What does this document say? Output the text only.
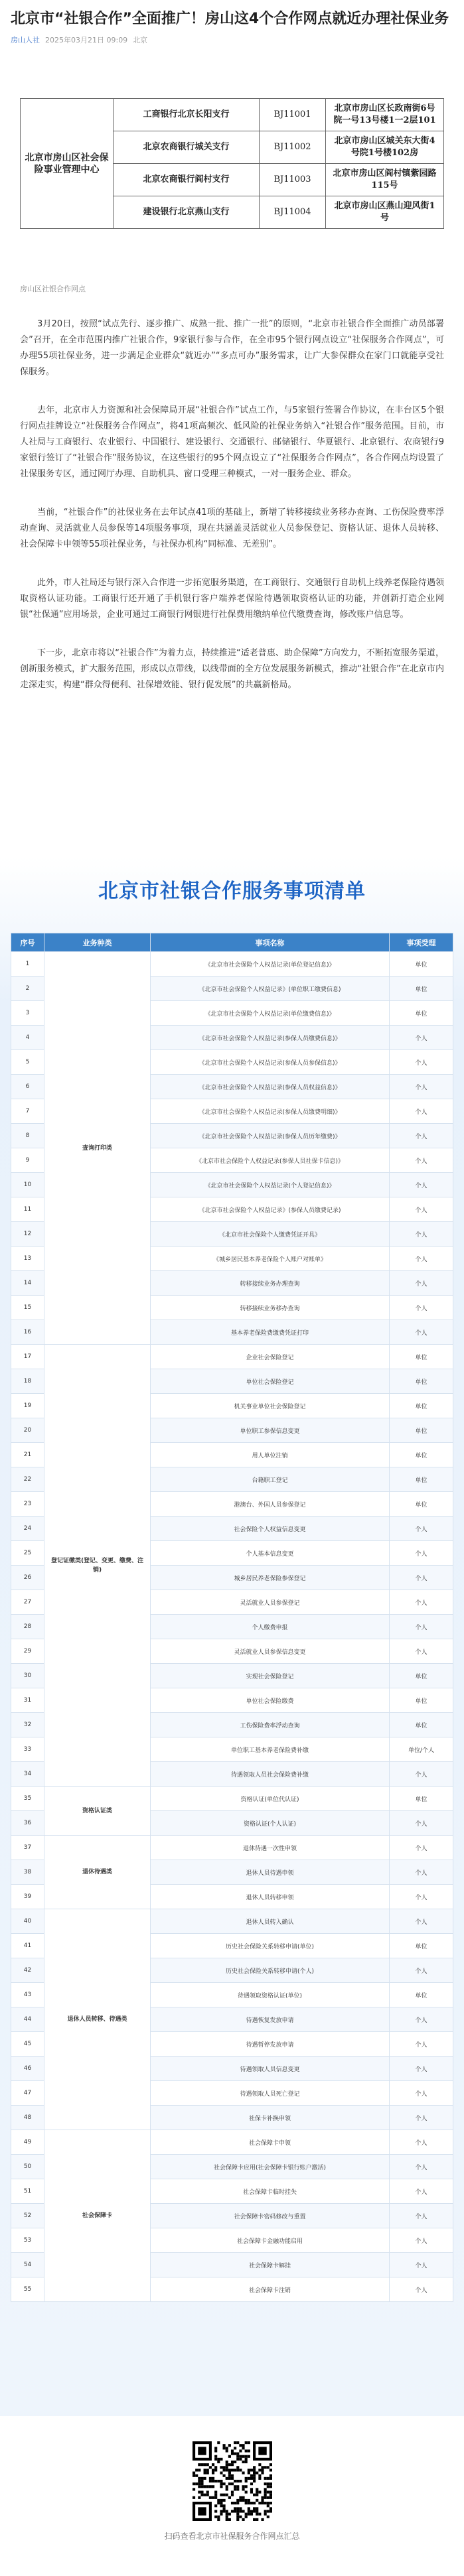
北京市“社银合作”全面推广！房山这4个合作网点就近办理社保业务
房山人社 2025年03月21日 09:09 北京
北京市房山区社会保险事业管理中心	工商银行北京长阳支行	BJ11001	北京市房山区长政南街6号院一号13号楼1一2层101
	北京农商银行城关支行	BJ11002	北京市房山区城关东大街4号院1号楼102房
	北京农商银行阎村支行	BJ11003	北京市房山区阎村镇紫园路115号
	建设银行北京燕山支行	BJ11004	北京市房山区燕山迎风街1号
房山区社银合作网点

3月20日，按照“试点先行、逐步推广、成熟一批、推广一批”的原则，“北京市社银合作全面推广动员部署会”召开，在全市范围内推广社银合作，9家银行参与合作，在全市95个银行网点设立“社保服务合作网点”，可办理55项社保业务，进一步满足企业群众“就近办”“多点可办”服务需求，让广大参保群众在家门口就能享受社保服务。

去年，北京市人力资源和社会保障局开展“社银合作”试点工作，与5家银行签署合作协议，在丰台区5个银行网点挂牌设立“社保服务合作网点”，将41项高频次、低风险的社保业务纳入“社银合作”服务范围。目前，市人社局与工商银行、农业银行、中国银行、建设银行、交通银行、邮储银行、华夏银行、北京银行、农商银行9家银行签订了“社银合作”服务协议，在这些银行的95个网点设立了“社保服务合作网点”，各合作网点均设置了社保服务专区，通过网厅办理、自助机具、窗口受理三种模式，一对一服务企业、群众。

当前，“社银合作”的社保业务在去年试点41项的基础上，新增了转移接续业务移办查询、工伤保险费率浮动查询、灵活就业人员参保等14项服务事项，现在共涵盖灵活就业人员参保登记、资格认证、退休人员转移、社会保障卡申领等55项社保业务，与社保办机构“同标准、无差别”。

此外，市人社局还与银行深入合作进一步拓宽服务渠道，在工商银行、交通银行自助机上线养老保险待遇领取资格认证功能。工商银行还开通了手机银行客户端养老保险待遇领取资格认证的功能，并创新打造企业网银“社保通”应用场景，企业可通过工商银行网银进行社保费用缴纳单位代缴费查询，修改账户信息等。

下一步，北京市将以“社银合作”为着力点，持续推进“适老普惠、助企保障”方向发力，不断拓宽服务渠道，创新服务模式，扩大服务范围，形成以点带线，以线带面的全方位发展服务新模式，推动“社银合作”在北京市内走深走实，构建“群众得便利、社保增效能、银行促发展”的共赢新格局。

北京市社银合作服务事项清单
序号	业务种类	事项名称	事项受理
1	查询打印类	《北京市社会保险个人权益记录(单位登记信息)》	单位
2		《北京市社会保险个人权益记录》(单位职工缴费信息)	单位
3		《北京市社会保险个人权益记录(单位缴费信息)》	单位
4		《北京市社会保险个人权益记录(参保人员缴费信息)》	个人
5		《北京市社会保险个人权益记录(参保人员参保信息)》	个人
6		《北京市社会保险个人权益记录(参保人员权益信息)》	个人
7		《北京市社会保险个人权益记录(参保人员缴费明细)》	个人
8		《北京市社会保险个人权益记录(参保人员历年缴费)》	个人
9		《北京市社会保险个人权益记录(参保人员社保卡信息)》	个人
10		《北京市社会保险个人权益记录(个人登记信息)》	个人
11		《北京市社会保险个人权益记录》(参保人员缴费记录)	个人
12		《北京市社会保险个人缴费凭证开具》	个人
13		《城乡居民基本养老保险个人账户对账单》	个人
14		转移接续业务办理查询	个人
15		转移接续业务移办查询	个人
16		基本养老保险费缴费凭证打印	个人
17	登记证缴类(登记、变更、缴费、注销)	企业社会保险登记	单位
18		单位社会保险登记	单位
19		机关事业单位社会保险登记	单位
20		单位职工参保信息变更	单位
21		用人单位注销	单位
22		台籍职工登记	单位
23		港澳台、外国人员参保登记	单位
24		社会保险个人权益信息变更	个人
25		个人基本信息变更	个人
26		城乡居民养老保险参保登记	个人
27		灵活就业人员参保登记	个人
28		个人缴费申报	个人
29		灵活就业人员参保信息变更	个人
30		实现社会保险登记	单位
31		单位社会保险缴费	单位
32		工伤保险费率浮动查询	单位
33		单位职工基本养老保险费补缴	单位/个人
34		待遇领取人员社会保险费补缴	个人
35	资格认证类	资格认证(单位代认证)	单位
36		资格认证(个人认证)	个人
37	退休待遇类	退休待遇一次性申领	个人
38		退休人员待遇申领	个人
39		退休人员转移申领	个人
40	退休人员转移、待遇类	退休人员转入确认	个人
41		历史社会保险关系转移申请(单位)	单位
42		历史社会保险关系转移申请(个人)	个人
43		待遇领取资格认证(单位)	单位
44		待遇恢复发放申请	个人
45		待遇暂停发放申请	个人
46		待遇领取人员信息变更	个人
47		待遇领取人员死亡登记	个人
48		社保卡补换申领	个人
49	社会保障卡	社会保障卡申领	个人
50		社会保障卡应用(社会保障卡银行账户激活)	个人
51		社会保障卡临时挂失	个人
52		社会保障卡密码修改与重置	个人
53		社会保障卡金融功能启用	个人
54		社会保障卡解挂	个人
55		社会保障卡注销	个人
扫码查看北京市社保服务合作网点汇总
